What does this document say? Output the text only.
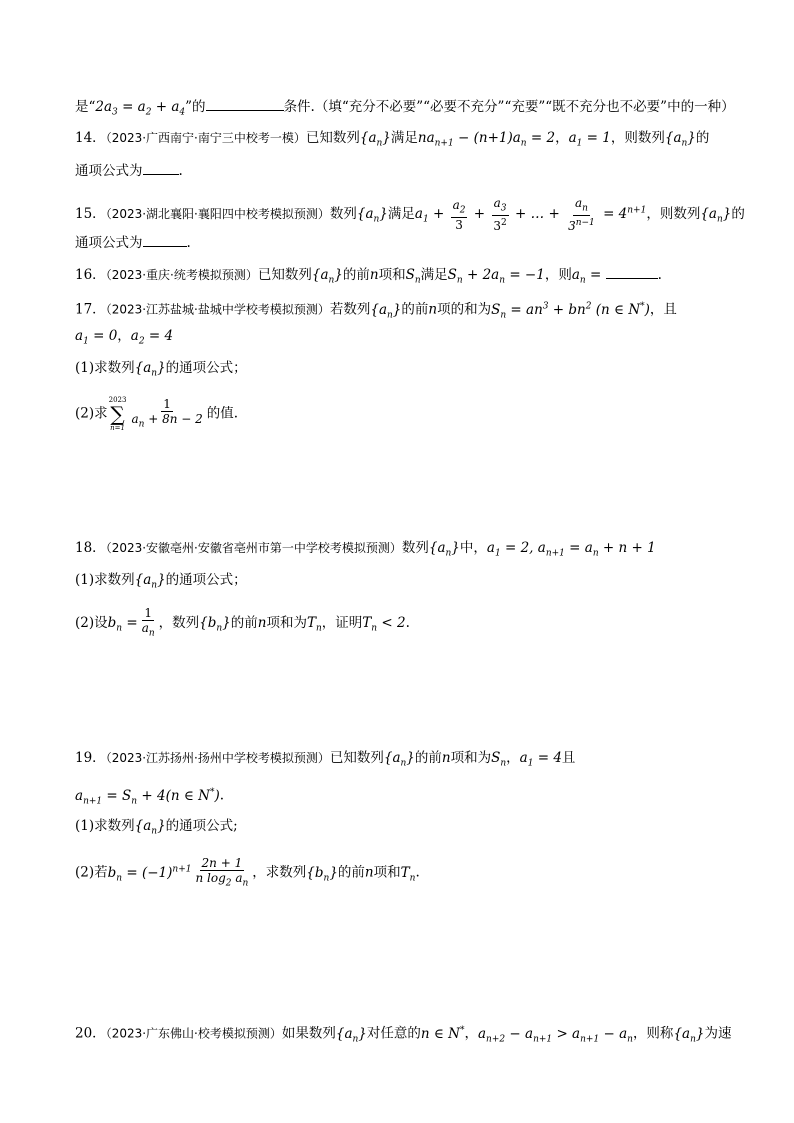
是“$2a_3 = a_2 + a_4$”的	条件.（填“充分不必要”“必要不充分”“充要”“既不充分也不必要”中的一种）
14．（2023·广西南宁·南宁三中校考一模）已知数列$\{a_n\}$满足$na_{n+1} - (n+1)a_n = 2$，$a_1 = 1$，则数列$\{a_n\}$的
通项公式为	.
15．（2023·湖北襄阳·襄阳四中校考模拟预测）数列$\{a_n\}$满足$a_1 + \frac{a_2}{3} + \frac{a_3}{3^2}$ + … + $\frac{a_n}{3^{n-1}} = 4^{n+1}$，则数列$\{a_n\}$的
通项公式为	.
16．（2023·重庆·统考模拟预测）已知数列$\{a_n\}$的前n项和$S_n$满足$S_n + 2a_n = -1$，则$a_n$ =	.
17．（2023·江苏盐城·盐城中学校考模拟预测）若数列$\{a_n\}$的前n项的和为$S_n = an^3 + bn^2$ (n ∈ N*)，且
$a_1 = 0$，$a_2 = 4$
(1)求数列$\{a_n\}$的通项公式；
(2)求
2023
∑
$n=1 \frac{1}{a_n + 8n - 2}$ 的值.
18．（2023·安徽亳州·安徽省亳州市第一中学校考模拟预测）数列$\{a_n\}$中，$a_1 = 2$, $a_{n+1} = a_n + n + 1$
(1)求数列$\{a_n\}$的通项公式；
(2)设$b_n = \frac{1}{a_n}$ ，数列$\{b_n\}$的前n项和为$T_n$，证明$T_n < 2$.
19．（2023·江苏扬州·扬州中学校考模拟预测）已知数列$\{a_n\}$的前n项和为$S_n$，$a_1 = 4$且
$a_{n+1} = S_n + 4(n$ ∈ N*).
(1)求数列$\{a_n\}$的通项公式;
(2)若$b_n = (-1)^{n+1} \frac{2n + 1}{n \log_2 a_n}$ ，求数列$\{b_n\}$的前n项和$T_n$.
20．（2023·广东佛山·校考模拟预测）如果数列$\{a_n\}$对任意的n ∈ N*，$a_{n+2} - a_{n+1} > a_{n+1} - a_n$，则称$\{a_n\}$为速
